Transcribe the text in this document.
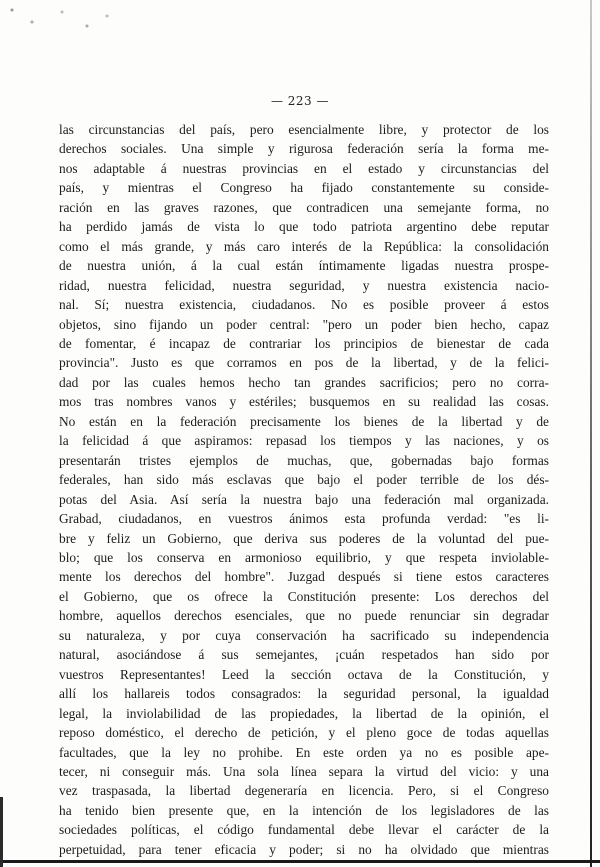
— 223 —
las circunstancias del país, pero esencialmente libre, y protector de los
derechos sociales. Una simple y rigurosa federación sería la forma me-
nos adaptable á nuestras provincias en el estado y circunstancias del
país, y mientras el Congreso ha fijado constantemente su conside-
ración en las graves razones, que contradicen una semejante forma, no
ha perdido jamás de vista lo que todo patriota argentino debe reputar
como el más grande, y más caro interés de la República: la consolidación
de nuestra unión, á la cual están íntimamente ligadas nuestra prospe-
ridad, nuestra felicidad, nuestra seguridad, y nuestra existencia nacio-
nal. Sí; nuestra existencia, ciudadanos. No es posible proveer á estos
objetos, sino fijando un poder central: "pero un poder bien hecho, capaz
de fomentar, é incapaz de contrariar los principios de bienestar de cada
provincia". Justo es que corramos en pos de la libertad, y de la felici-
dad por las cuales hemos hecho tan grandes sacrificios; pero no corra-
mos tras nombres vanos y estériles; busquemos en su realidad las cosas.
No están en la federación precisamente los bienes de la libertad y de
la felicidad á que aspiramos: repasad los tiempos y las naciones, y os
presentarán tristes ejemplos de muchas, que, gobernadas bajo formas
federales, han sido más esclavas que bajo el poder terrible de los dés-
potas del Asia. Así sería la nuestra bajo una federación mal organizada.
Grabad, ciudadanos, en vuestros ánimos esta profunda verdad: "es li-
bre y feliz un Gobierno, que deriva sus poderes de la voluntad del pue-
blo; que los conserva en armonioso equilibrio, y que respeta inviolable-
mente los derechos del hombre". Juzgad después si tiene estos caracteres
el Gobierno, que os ofrece la Constitución presente: Los derechos del
hombre, aquellos derechos esenciales, que no puede renunciar sin degradar
su naturaleza, y por cuya conservación ha sacrificado su independencia
natural, asociándose á sus semejantes, ¡cuán respetados han sido por
vuestros Representantes! Leed la sección octava de la Constitución, y
allí los hallareis todos consagrados: la seguridad personal, la igualdad
legal, la inviolabilidad de las propiedades, la libertad de la opinión, el
reposo doméstico, el derecho de petición, y el pleno goce de todas aquellas
facultades, que la ley no prohibe. En este orden ya no es posible ape-
tecer, ni conseguir más. Una sola línea separa la virtud del vicio: y una
vez traspasada, la libertad degeneraría en licencia. Pero, si el Congreso
ha tenido bien presente que, en la intención de los legisladores de las
sociedades políticas, el código fundamental debe llevar el carácter de la
perpetuidad, para tener eficacia y poder; si no ha olvidado que mientras
